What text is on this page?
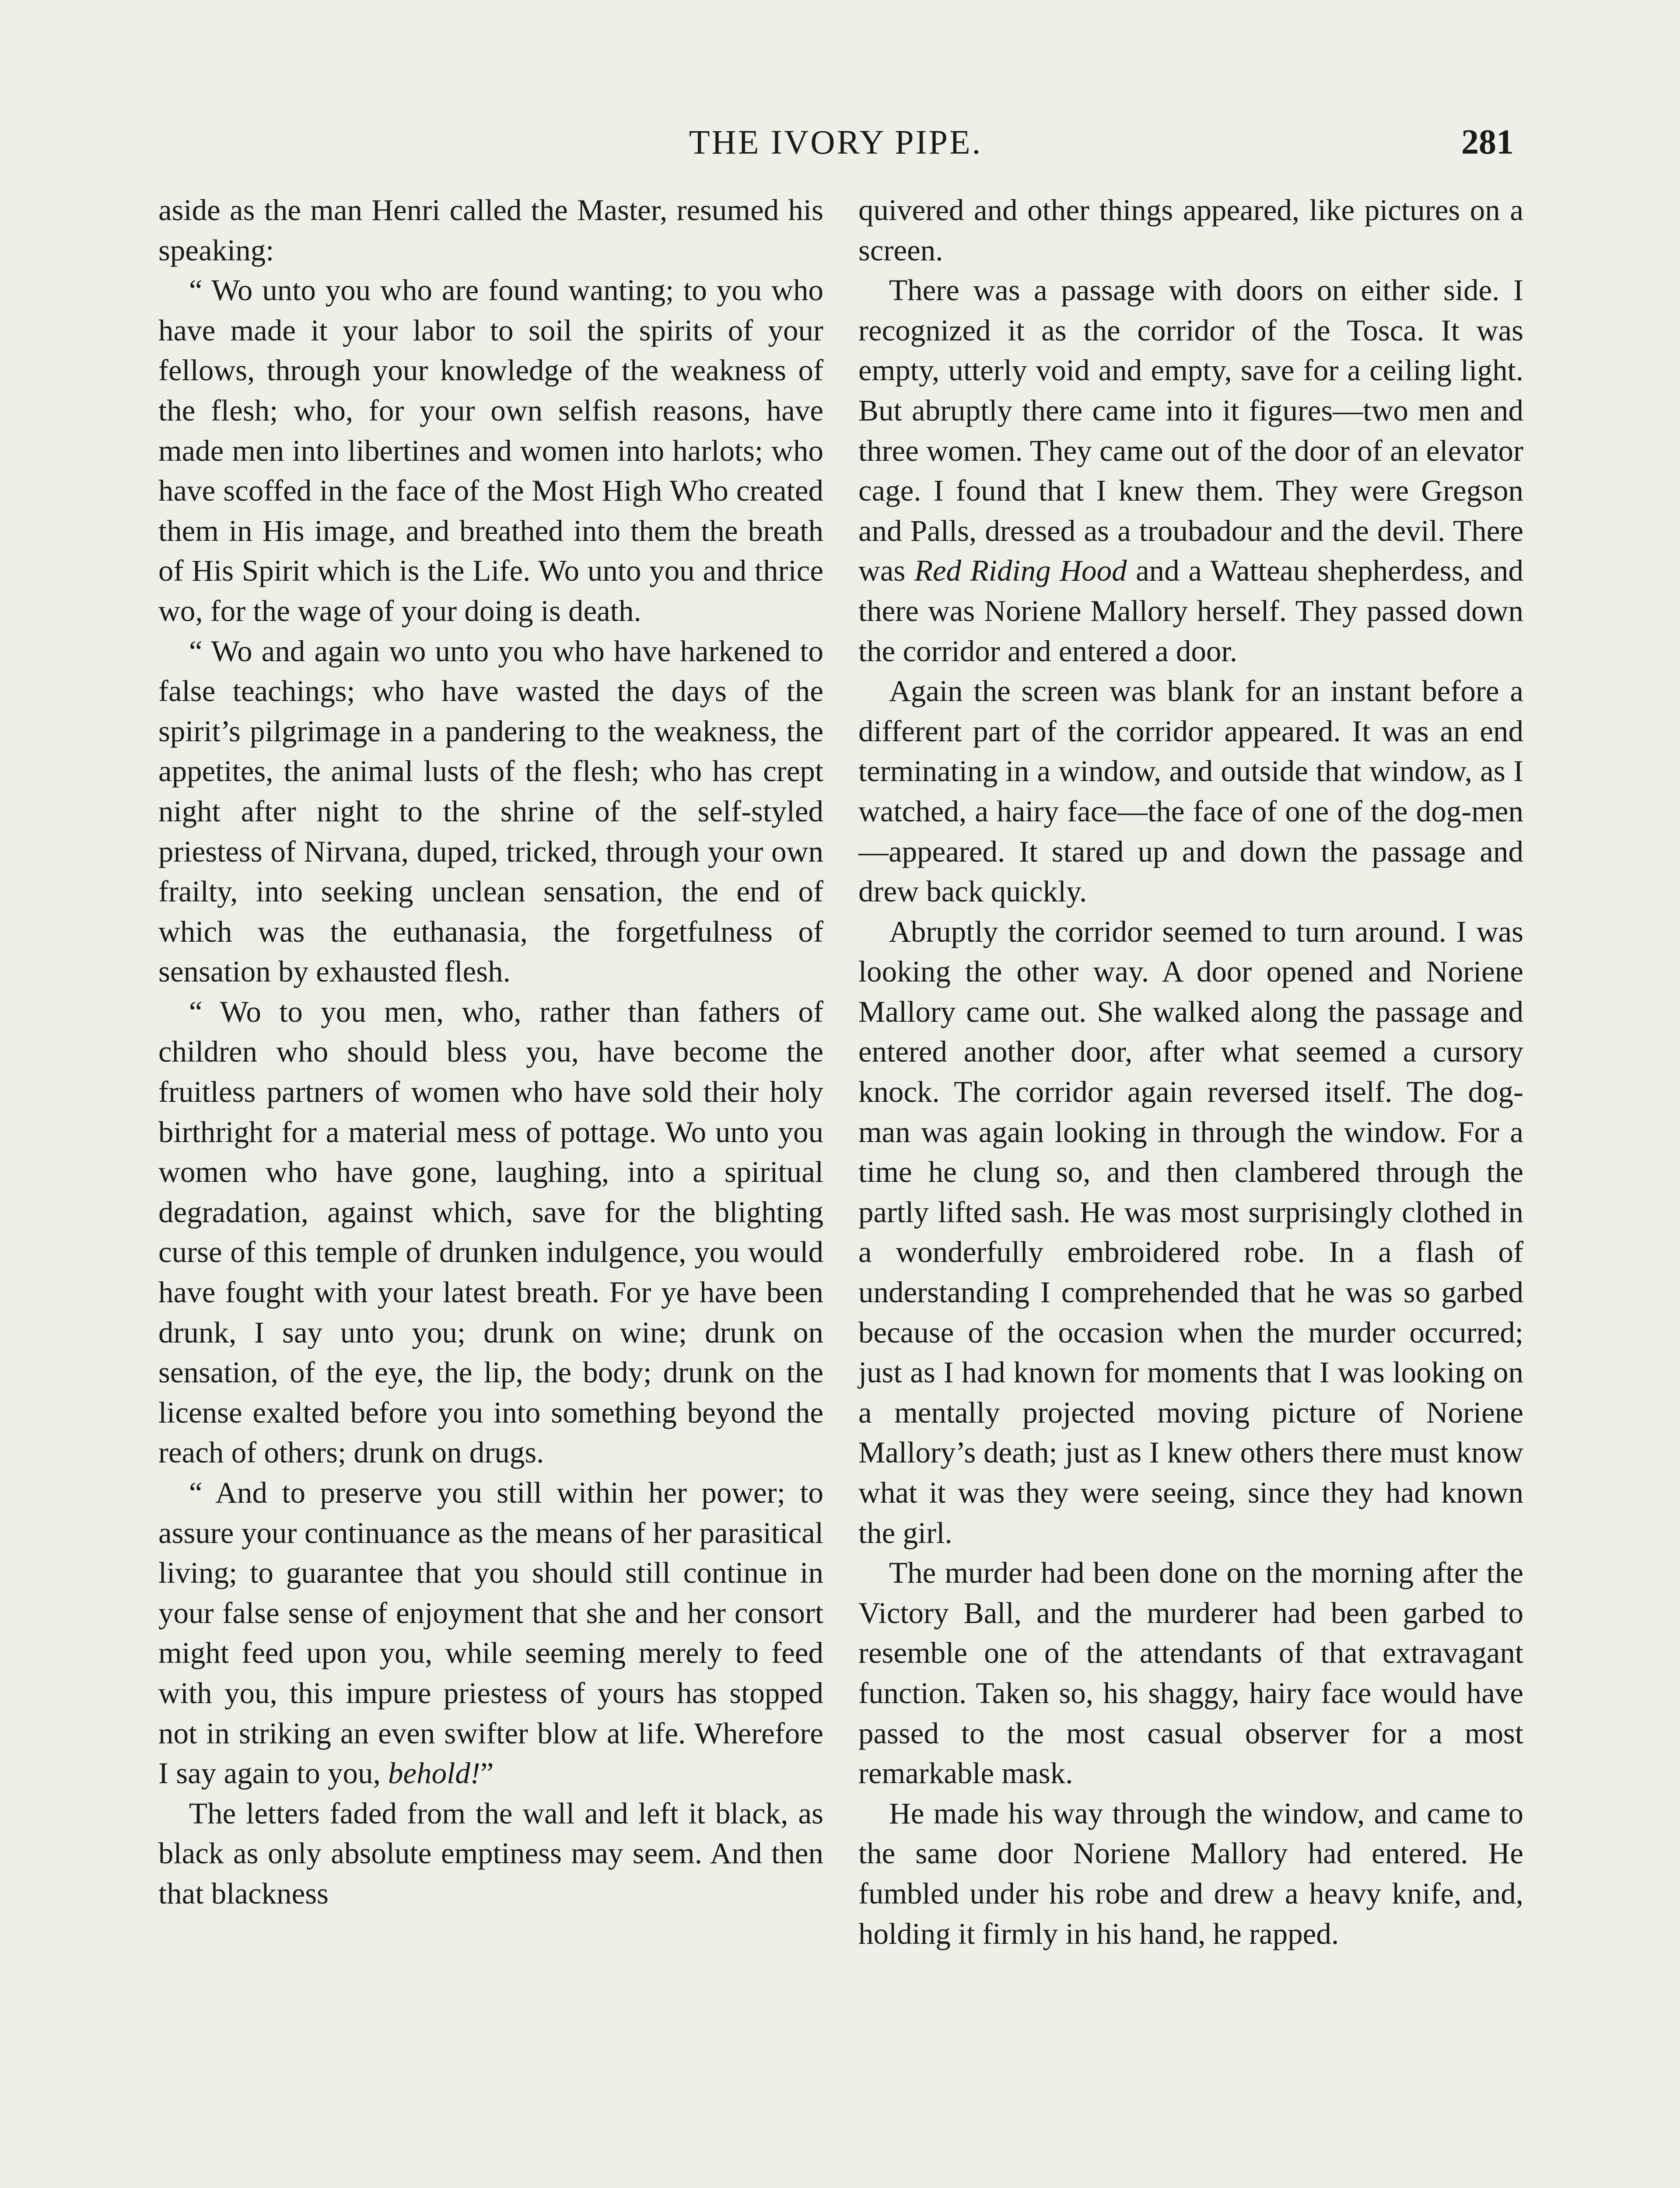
THE IVORY PIPE.	281

aside as the man Henri called the Master, resumed his speaking:

“ Wo unto you who are found wanting; to you who have made it your labor to soil the spirits of your fellows, through your knowledge of the weakness of the flesh; who, for your own selfish reasons, have made men into libertines and women into harlots; who have scoffed in the face of the Most High Who created them in His image, and breathed into them the breath of His Spirit which is the Life. Wo unto you and thrice wo, for the wage of your doing is death.

“ Wo and again wo unto you who have harkened to false teachings; who have wasted the days of the spirit’s pilgrimage in a pandering to the weakness, the appetites, the animal lusts of the flesh; who has crept night after night to the shrine of the self-styled priestess of Nirvana, duped, tricked, through your own frailty, into seeking unclean sensation, the end of which was the euthanasia, the forgetfulness of sensation by exhausted flesh.

“ Wo to you men, who, rather than fathers of children who should bless you, have become the fruitless partners of women who have sold their holy birthright for a material mess of pottage. Wo unto you women who have gone, laughing, into a spiritual degradation, against which, save for the blighting curse of this temple of drunken indulgence, you would have fought with your latest breath. For ye have been drunk, I say unto you; drunk on wine; drunk on sensation, of the eye, the lip, the body; drunk on the license exalted before you into something beyond the reach of others; drunk on drugs.

“ And to preserve you still within her power; to assure your continuance as the means of her parasitical living; to guarantee that you should still continue in your false sense of enjoyment that she and her consort might feed upon you, while seeming merely to feed with you, this impure priestess of yours has stopped not in striking an even swifter blow at life. Wherefore I say again to you, behold!”

The letters faded from the wall and left it black, as black as only absolute emptiness may seem. And then that blackness

quivered and other things appeared, like pictures on a screen.

There was a passage with doors on either side. I recognized it as the corridor of the Tosca. It was empty, utterly void and empty, save for a ceiling light. But abruptly there came into it figures—two men and three women. They came out of the door of an elevator cage. I found that I knew them. They were Gregson and Palls, dressed as a troubadour and the devil. There was Red Riding Hood and a Watteau shepherdess, and there was Noriene Mallory herself. They passed down the corridor and entered a door.

Again the screen was blank for an instant before a different part of the corridor appeared. It was an end terminating in a window, and outside that window, as I watched, a hairy face—the face of one of the dog-men—appeared. It stared up and down the passage and drew back quickly.

Abruptly the corridor seemed to turn around. I was looking the other way. A door opened and Noriene Mallory came out. She walked along the passage and entered another door, after what seemed a cursory knock. The corridor again reversed itself. The dog-man was again looking in through the window. For a time he clung so, and then clambered through the partly lifted sash. He was most surprisingly clothed in a wonderfully embroidered robe. In a flash of understanding I comprehended that he was so garbed because of the occasion when the murder occurred; just as I had known for moments that I was looking on a mentally projected moving picture of Noriene Mallory’s death; just as I knew others there must know what it was they were seeing, since they had known the girl.

The murder had been done on the morning after the Victory Ball, and the murderer had been garbed to resemble one of the attendants of that extravagant function. Taken so, his shaggy, hairy face would have passed to the most casual observer for a most remarkable mask.

He made his way through the window, and came to the same door Noriene Mallory had entered. He fumbled under his robe and drew a heavy knife, and, holding it firmly in his hand, he rapped.
